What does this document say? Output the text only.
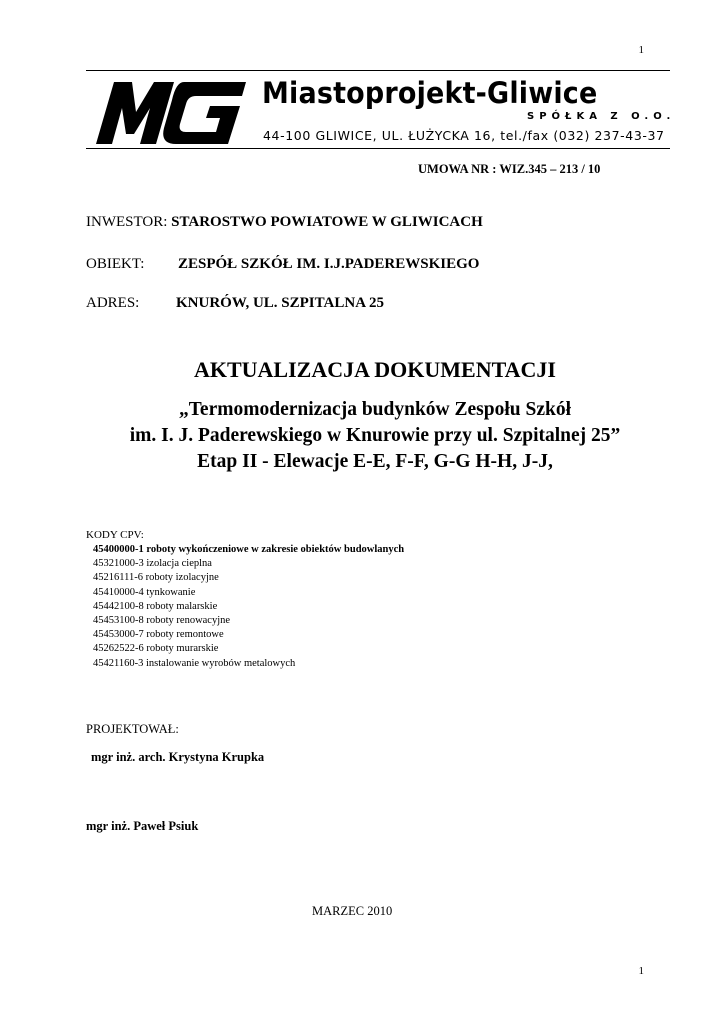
1
MG	Miastoprojekt-Gliwice
SPÓŁKA Z O.O.
44-100 GLIWICE, UL. ŁUŻYCKA 16, tel./fax (032) 237-43-37
UMOWA NR : WIZ.345 – 213 / 10
INWESTOR: STAROSTWO POWIATOWE W GLIWICACH
OBIEKT: ZESPÓŁ SZKÓŁ IM. I.J.PADEREWSKIEGO
ADRES: KNURÓW, UL. SZPITALNA 25
AKTUALIZACJA DOKUMENTACJI
„Termomodernizacja budynków Zespołu Szkół
im. I. J. Paderewskiego w Knurowie przy ul. Szpitalnej 25”
Etap II - Elewacje E-E, F-F, G-G H-H, J-J,
KODY CPV:
45400000-1 roboty wykończeniowe w zakresie obiektów budowlanych
45321000-3 izolacja cieplna
45216111-6 roboty izolacyjne
45410000-4 tynkowanie
45442100-8 roboty malarskie
45453100-8 roboty renowacyjne
45453000-7 roboty remontowe
45262522-6 roboty murarskie
45421160-3 instalowanie wyrobów metalowych
PROJEKTOWAŁ:
mgr inż. arch. Krystyna Krupka
mgr inż. Paweł Psiuk
MARZEC 2010
1
